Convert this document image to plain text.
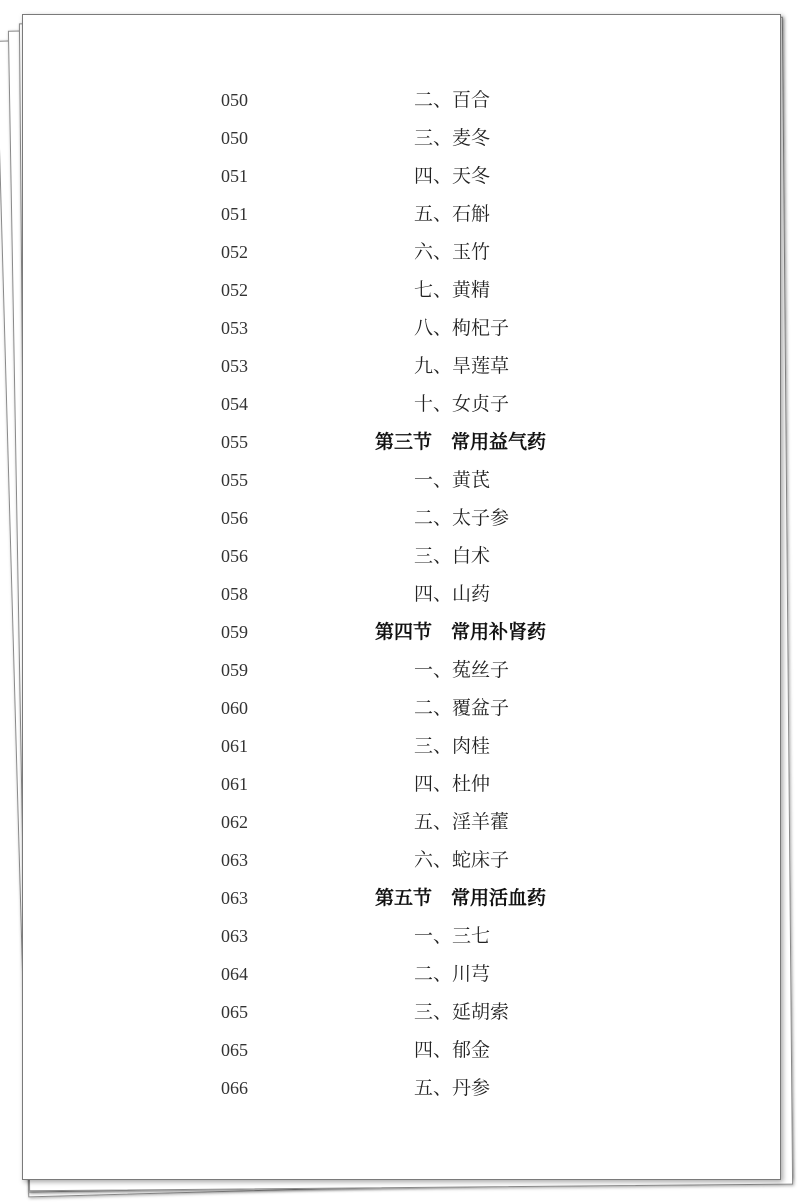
050	二、百合
050	三、麦冬
051	四、天冬
051	五、石斛
052	六、玉竹
052	七、黄精
053	八、枸杞子
053	九、旱莲草
054	十、女贞子
055	第三节　常用益气药
055	一、黄芪
056	二、太子参
056	三、白术
058	四、山药
059	第四节　常用补肾药
059	一、菟丝子
060	二、覆盆子
061	三、肉桂
061	四、杜仲
062	五、淫羊藿
063	六、蛇床子
063	第五节　常用活血药
063	一、三七
064	二、川芎
065	三、延胡索
065	四、郁金
066	五、丹参
